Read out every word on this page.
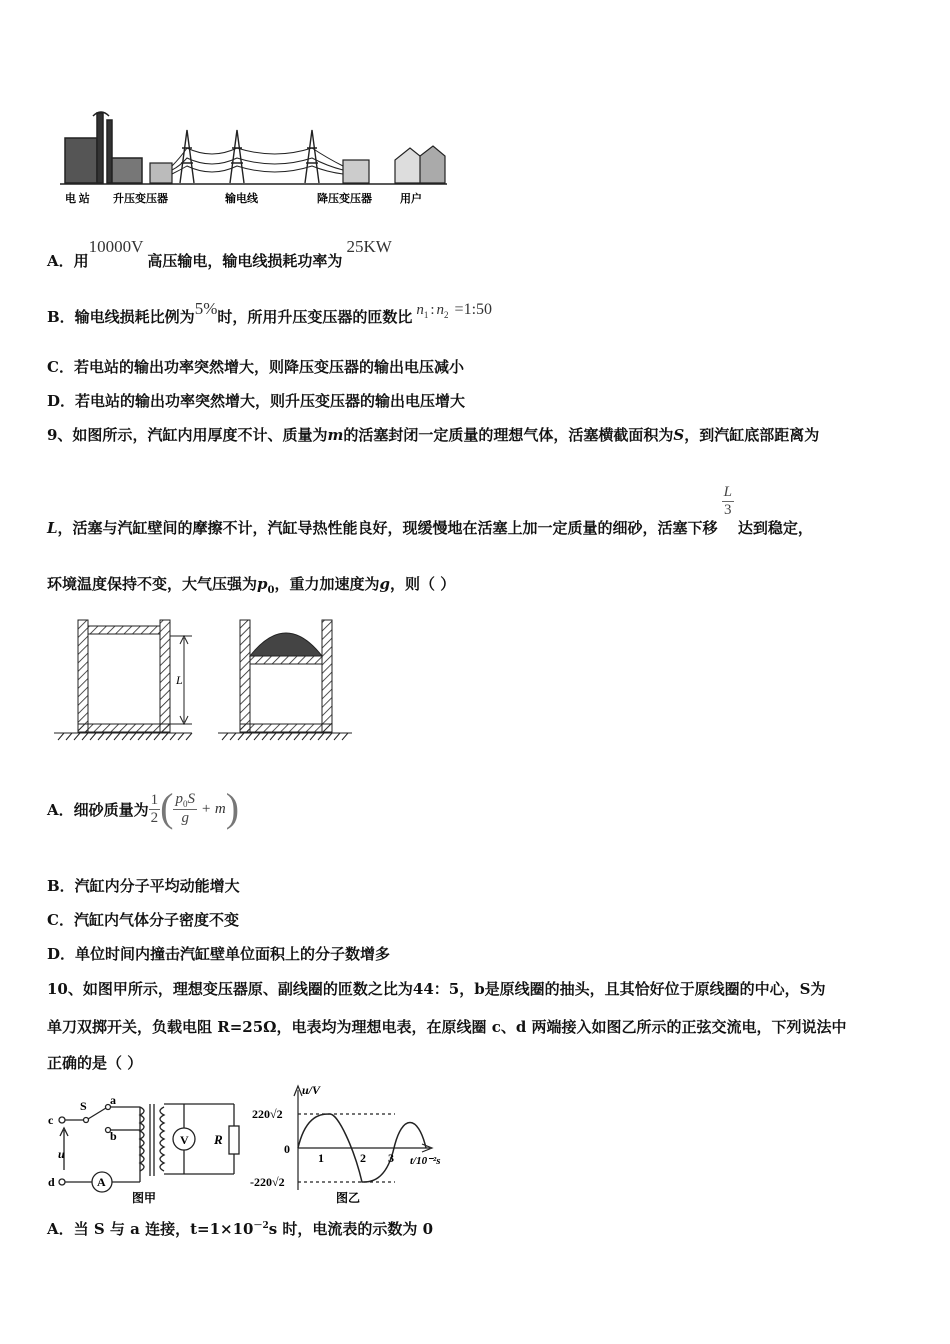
电 站 升压变压器	输电线	降压变压器	用户
A．用10000V高压输电，输电线损耗功率为25KW
B．输电线损耗比例为5%时，所用升压变压器的匝数比 $n_1$ : $n_2$ =1:50
C．若电站的输出功率突然增大，则降压变压器的输出电压减小
D．若电站的输出功率突然增大，则升压变压器的输出电压增大
9、如图所示，汽缸内用厚度不计、质量为m的活塞封闭一定质量的理想气体，活塞横截面积为S，到汽缸底部距离为
L，活塞与汽缸壁间的摩擦不计，汽缸导热性能良好，现缓慢地在活塞上加一定质量的细砂，活塞下移
$\frac{L}{3}$
达到稳定，
环境温度保持不变，大气压强为$p_0$，重力加速度为g，则（ ）
L
A．细砂质量为 $\frac{1}{2}$ ( $\frac{p_0S}{g} + m$)
B．汽缸内分子平均动能增大
C．汽缸内气体分子密度不变
D．单位时间内撞击汽缸壁单位面积上的分子数增多
10、如图甲所示，理想变压器原、副线圈的匝数之比为44：5，b是原线圈的抽头，且其恰好位于原线圈的中心，S为
单刀双掷开关，负载电阻 R=25Ω，电表均为理想电表，在原线圈 c、d 两端接入如图乙所示的正弦交流电，下列说法中
正确的是（ ）
S a
b
c
d
u
V R
A
图甲
u/V
220√2
0
-220√2
1	2 3 t/10⁻²s
图乙
A．当 S 与 a 连接，$t=1\times 10^{-2}s$ 时，电流表的示数为 0
